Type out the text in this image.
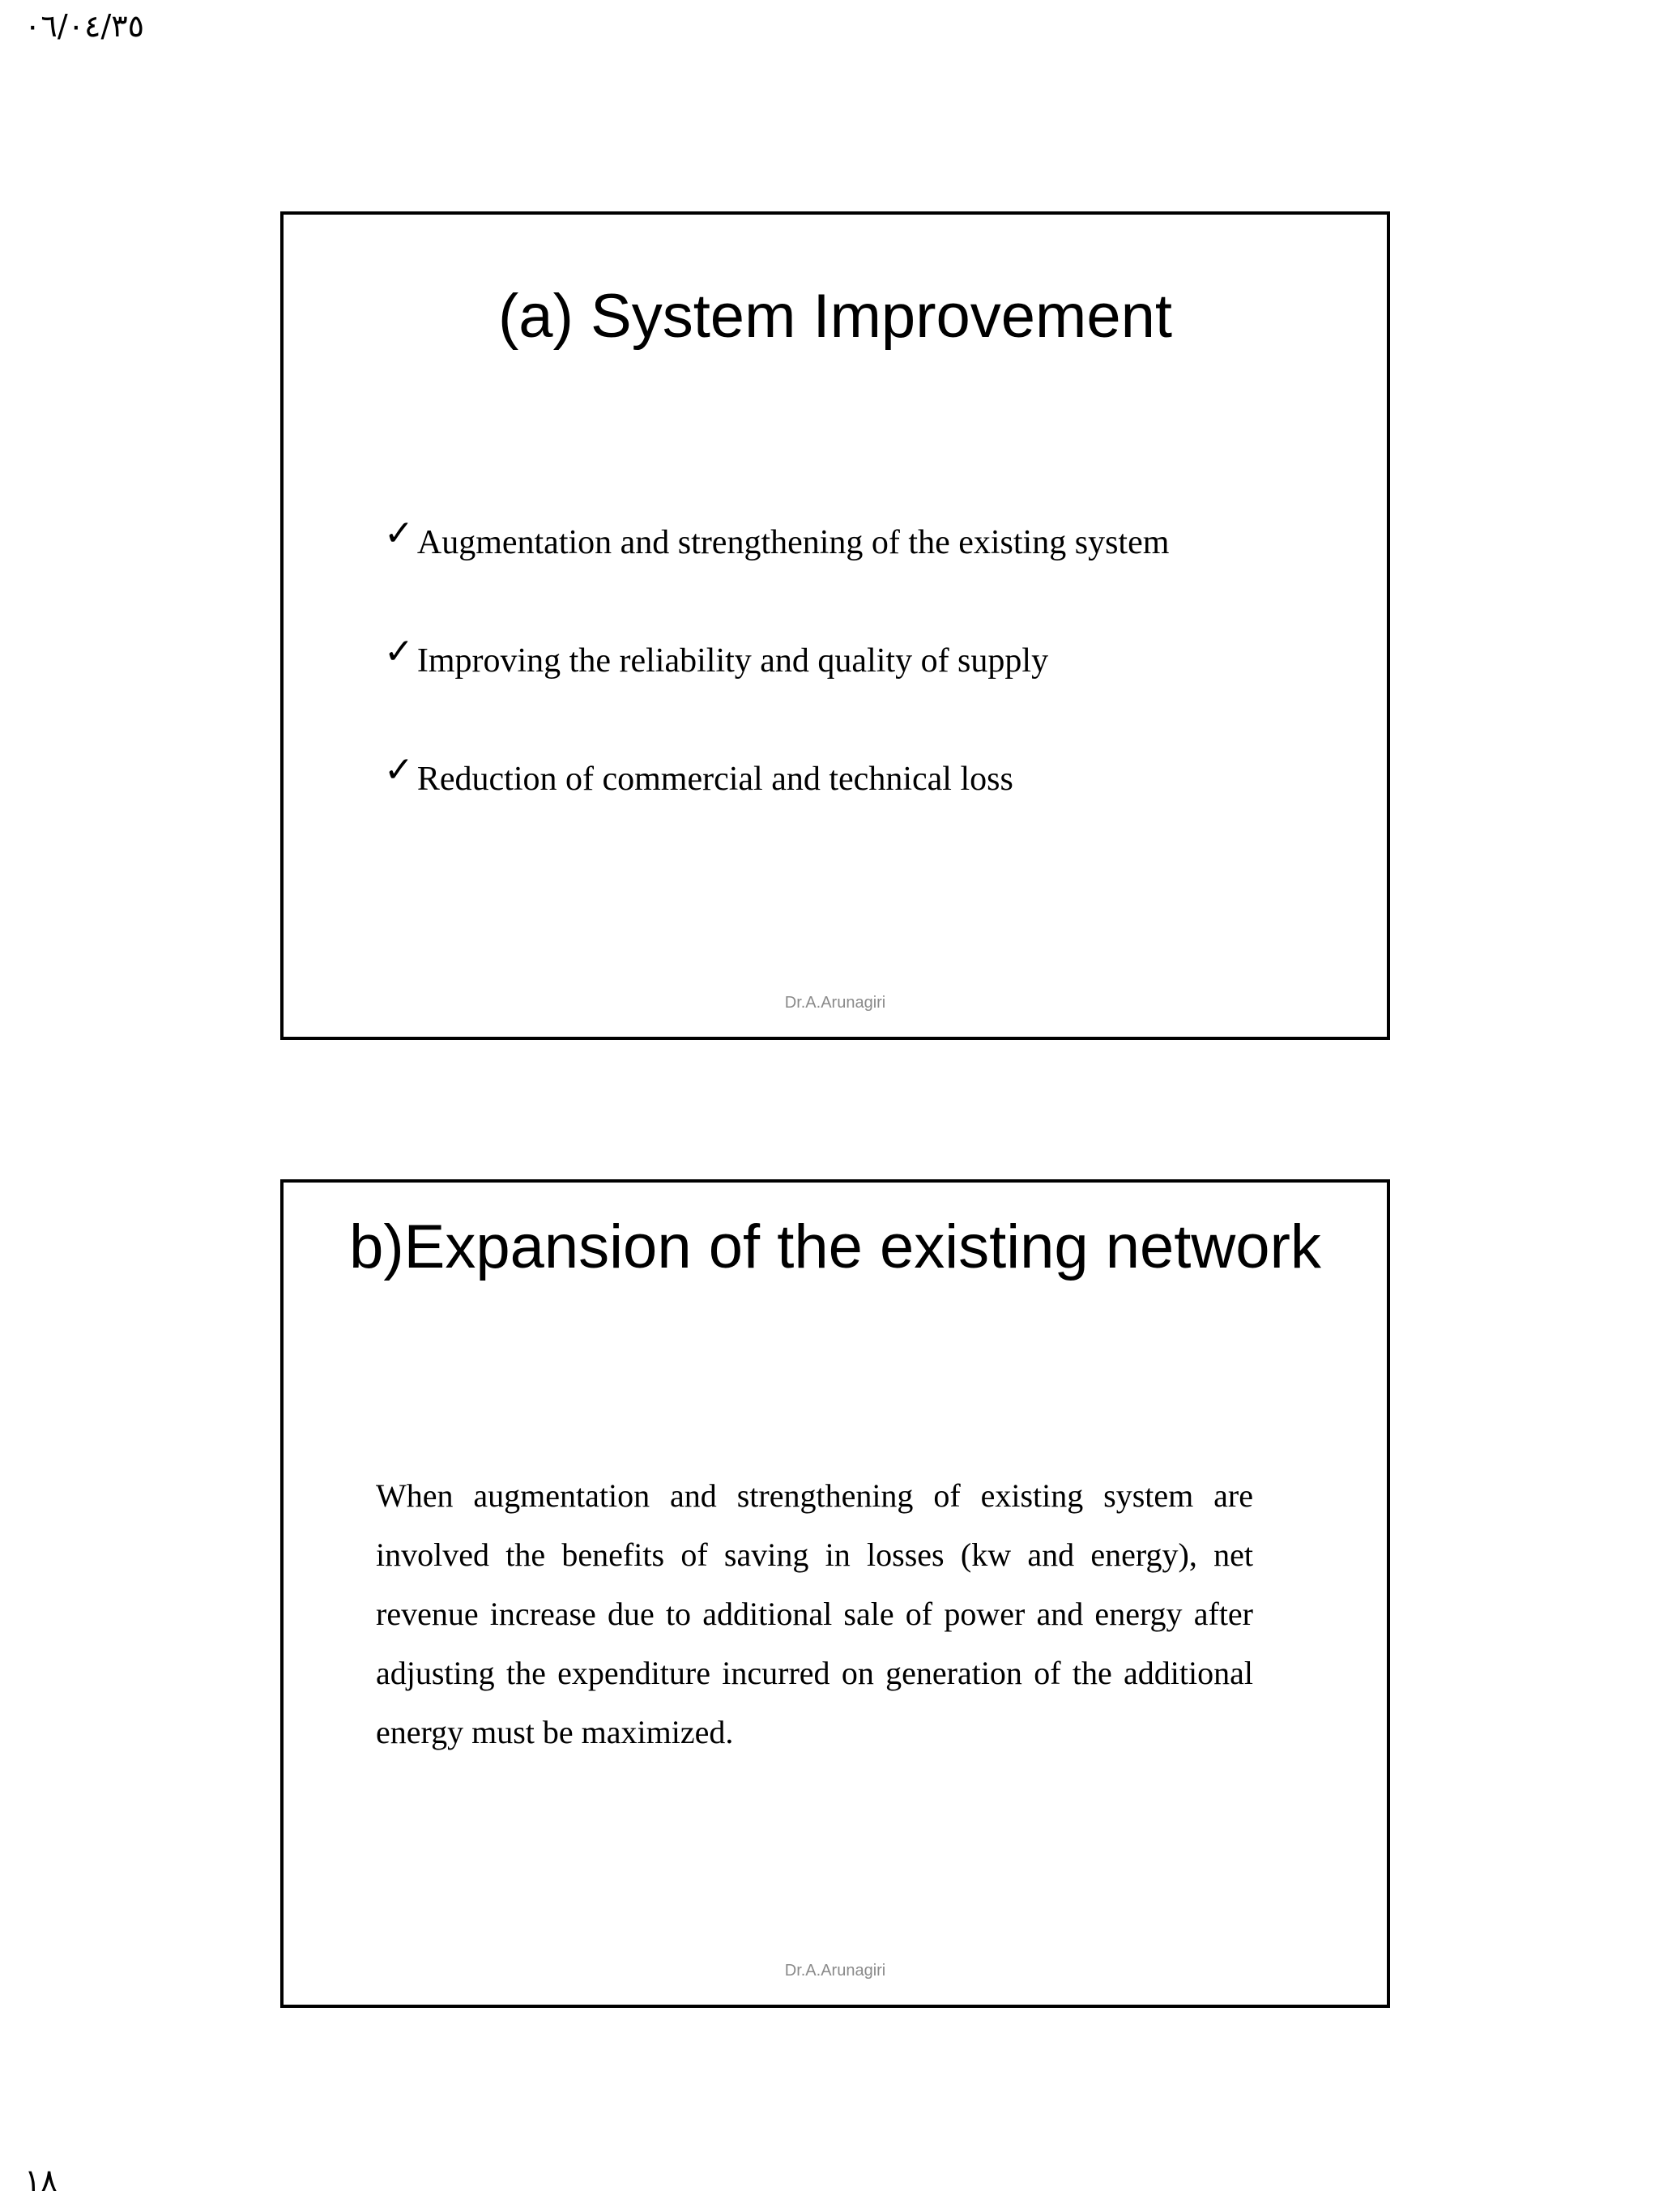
٠٦/٠٤/٣٥
(a) System Improvement
✓ Augmentation and strengthening of the existing system
✓ Improving the reliability and quality of supply
✓ Reduction of commercial and technical loss
Dr.A.Arunagiri
b)Expansion of the existing network

When augmentation and strengthening of existing system are involved the benefits of saving in losses (kw and energy), net revenue increase due to additional sale of power and energy after adjusting the expenditure incurred on generation of the additional energy must be maximized.

Dr.A.Arunagiri
١٨
